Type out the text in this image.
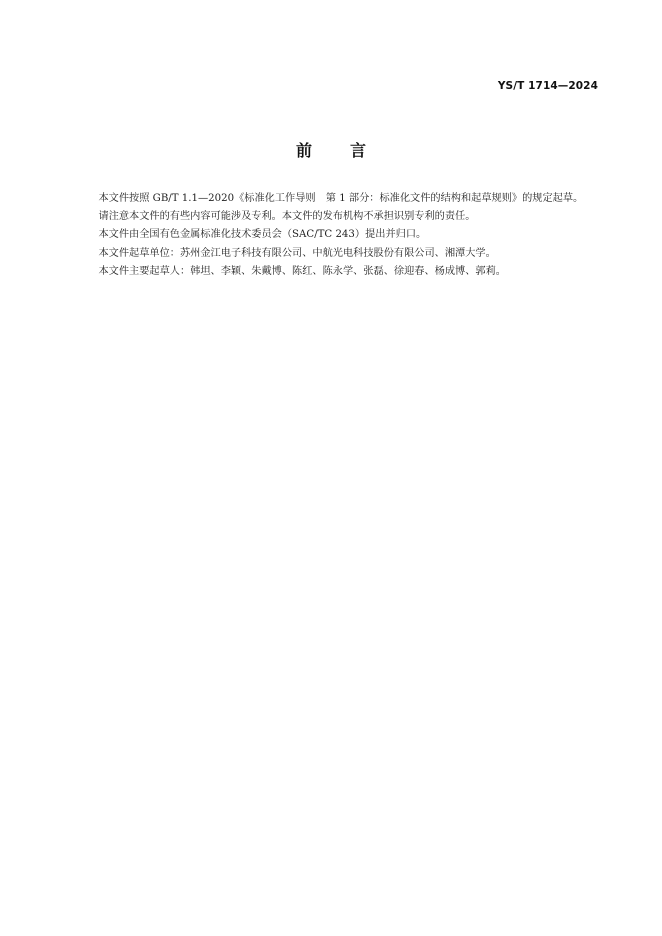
YS/T 1714—2024
前言

本文件按照 GB/T 1.1—2020《标准化工作导则　第 1 部分：标准化文件的结构和起草规则》的规定起草。

请注意本文件的有些内容可能涉及专利。本文件的发布机构不承担识别专利的责任。

本文件由全国有色金属标准化技术委员会（SAC/TC 243）提出并归口。

本文件起草单位：苏州金江电子科技有限公司、中航光电科技股份有限公司、湘潭大学。

本文件主要起草人：韩坦、李颖、朱戴博、陈红、陈永学、张磊、徐迎春、杨成博、郭莉。
